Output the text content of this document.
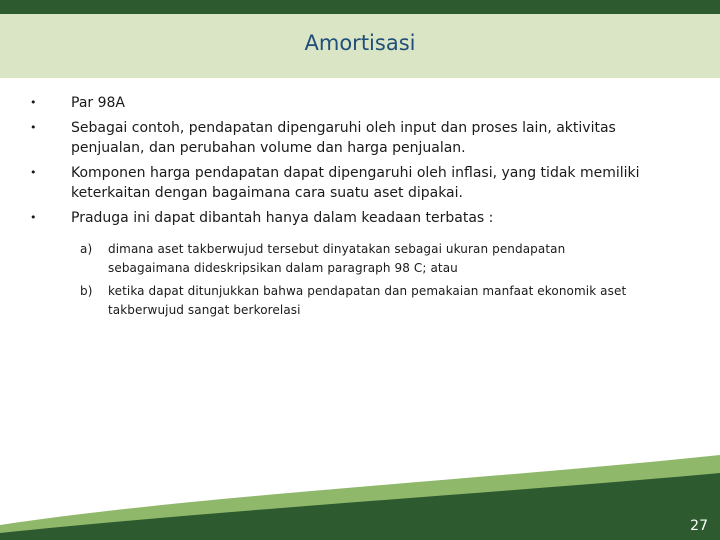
Amortisasi
• Par 98A
• Sebagai contoh, pendapatan dipengaruhi oleh input dan proses lain, aktivitas penjualan, dan perubahan volume dan harga penjualan.
• Komponen harga pendapatan dapat dipengaruhi oleh inflasi, yang tidak memiliki keterkaitan dengan bagaimana cara suatu aset dipakai.
• Praduga ini dapat dibantah hanya dalam keadaan terbatas :
a) dimana aset takberwujud tersebut dinyatakan sebagai ukuran pendapatan sebagaimana dideskripsikan dalam paragraph 98 C; atau
b) ketika dapat ditunjukkan bahwa pendapatan dan pemakaian manfaat ekonomik aset takberwujud sangat berkorelasi
27
